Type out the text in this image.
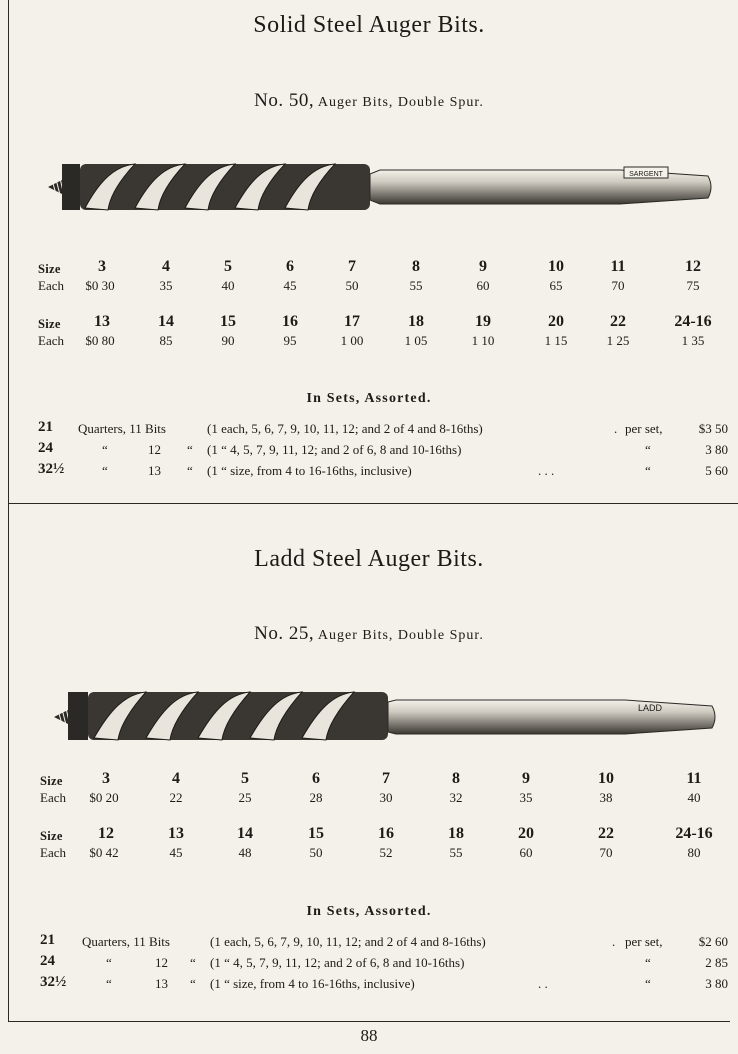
Solid Steel Auger Bits.
No. 50, Auger Bits, Double Spur.
SARGENT
Size 3	4	5	6	7	8	9	10	11	12
Each $0 30	35	40	45	50	55	60	65	70	75
Size 13	14	15	16	17	18	19	20	22	24-16
Each $0 80	85	90	95	1 00	1 05	1 10	1 15	1 25	1 35
In Sets, Assorted.
21 Quarters, 11 Bits	(1 each, 5, 6, 7, 9, 10, 11, 12; and 2 of 4 and 8-16ths)	. per set,	$3 50
24	“	12 “ (1 “ 4, 5, 7, 9, 11, 12; and 2 of 6, 8 and 10-16ths)	“	3 80
32½	“	13 “ (1 “ size, from 4 to 16-16ths, inclusive)	. . .	“	5 60
Ladd Steel Auger Bits.
No. 25, Auger Bits, Double Spur.
LADD
Size 3	4	5	6	7	8	9	10	11
Each $0 20	22	25	28	30	32	35	38	40
Size 12	13	14	15	16	18	20	22	24-16
Each $0 42	45	48	50	52	55	60	70	80
In Sets, Assorted.
21 Quarters, 11 Bits	(1 each, 5, 6, 7, 9, 10, 11, 12; and 2 of 4 and 8-16ths)	. per set,	$2 60
24	“	12 “ (1 “ 4, 5, 7, 9, 11, 12; and 2 of 6, 8 and 10-16ths)	“	2 85
32½	“	13 “ (1 “ size, from 4 to 16-16ths, inclusive)	. .	“	3 80
88
